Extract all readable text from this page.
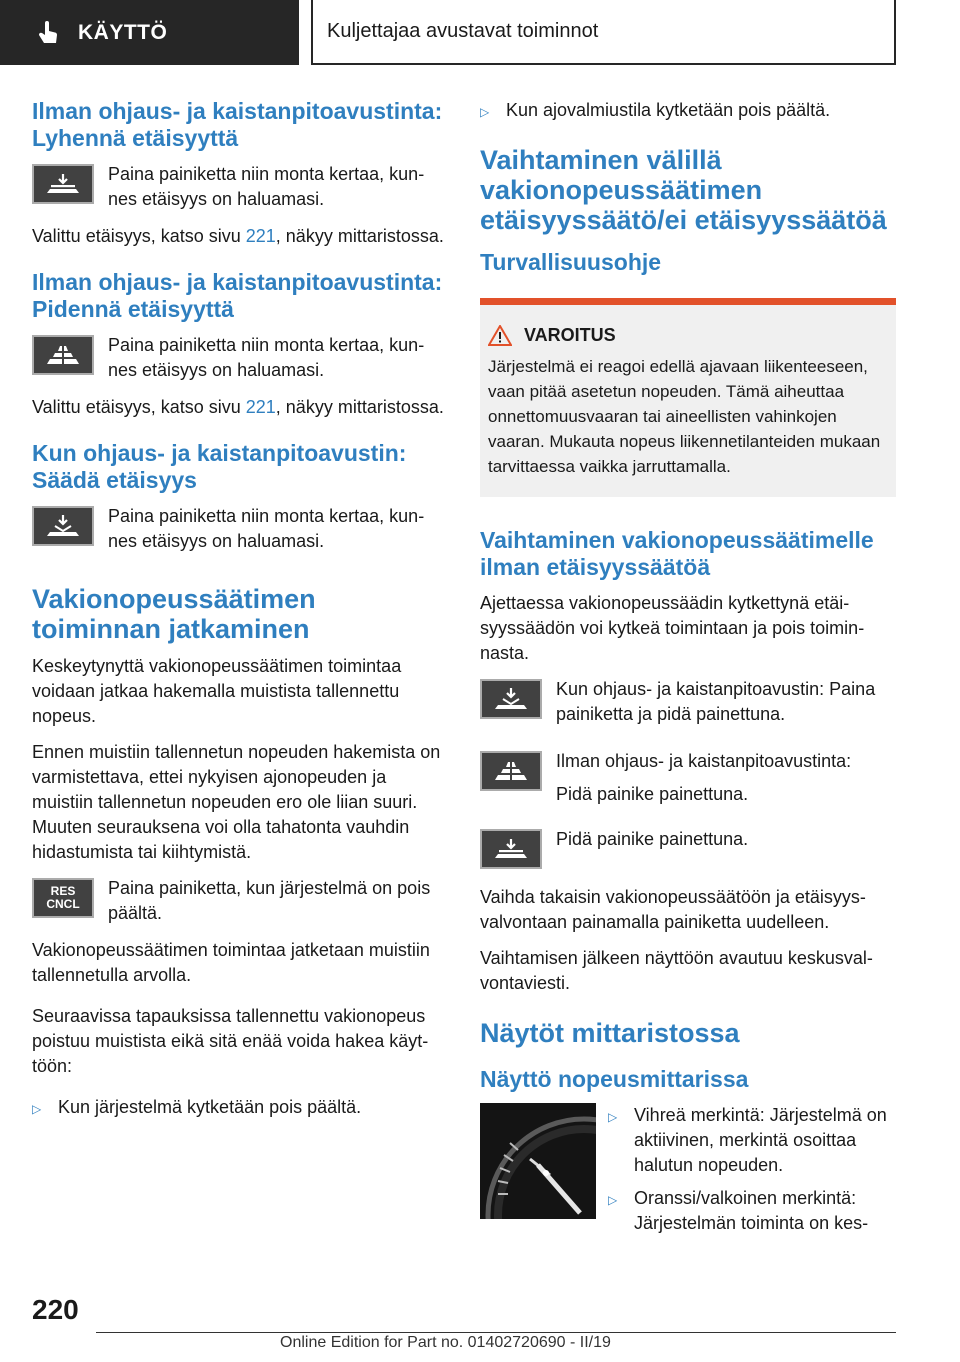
KÄYTTÖ	Kuljettajaa avustavat toiminnot
Ilman ohjaus- ja kaistanpitoavustinta: Lyhennä etäisyyttä
Paina painiketta niin monta kertaa, kunnes etäisyys on haluamasi.

Valittu etäisyys, katso sivu 221, näkyy mittaristossa.

Ilman ohjaus- ja kaistanpitoavustinta: Pidennä etäisyyttä
Paina painiketta niin monta kertaa, kunnes etäisyys on haluamasi.

Valittu etäisyys, katso sivu 221, näkyy mittaristossa.

Kun ohjaus- ja kaistanpitoavustin: Säädä etäisyys
Paina painiketta niin monta kertaa, kunnes etäisyys on haluamasi.
Vakionopeussäätimen toiminnan jatkaminen

Keskeytynyttä vakionopeussäätimen toimintaa voidaan jatkaa hakemalla muistista tallennettu nopeus.

Ennen muistiin tallennetun nopeuden hakemista on varmistettava, ettei nykyisen ajonopeuden ja muistiin tallennetun nopeuden ero ole liian suuri. Muuten seurauksena voi olla tahatonta vauhdin hidastumista tai kiihtymistä.

RES
CNCL
Paina painiketta, kun järjestelmä on pois päältä.

Vakionopeussäätimen toimintaa jatketaan muistiin tallennetulla arvolla.

Seuraavissa tapauksissa tallennettu vakionopeus poistuu muistista eikä sitä enää voida hakea käyttöön:

▷ Kun järjestelmä kytketään pois päältä.
▷ Kun ajovalmiustila kytketään pois päältä.
Vaihtaminen välillä vakionopeussäätimen etäisyyssäätö/ei etäisyyssäätöä
Turvallisuusohje
VAROITUS

Järjestelmä ei reagoi edellä ajavaan liikenteeseen, vaan pitää asetetun nopeuden. Tämä aiheuttaa onnettomuusvaaran tai aineellisten vahinkojen vaaran. Mukauta nopeus liikennetilanteiden mukaan tarvittaessa vaikka jarruttamalla.

Vaihtaminen vakionopeussäätimelle ilman etäisyyssäätöä

Ajettaessa vakionopeussäädin kytkettynä etäisyyssäädön voi kytkeä toimintaan ja pois toiminnasta.

Kun ohjaus- ja kaistanpitoavustin: Paina painiketta ja pidä painettuna.
Ilman ohjaus- ja kaistanpitoavustinta:
Pidä painike painettuna.
Pidä painike painettuna.

Vaihda takaisin vakionopeussäätöön ja etäisyysvalvontaan painamalla painiketta uudelleen.

Vaihtamisen jälkeen näyttöön avautuu keskusvalvontaviesti.

Näytöt mittaristossa
Näyttö nopeusmittarissa
▷ Vihreä merkintä: Järjestelmä on aktiivinen, merkintä osoittaa halutun nopeuden.
▷ Oranssi/valkoinen merkintä: Järjestelmän toiminta on kes-
220
Online Edition for Part no. 01402720690 - II/19
